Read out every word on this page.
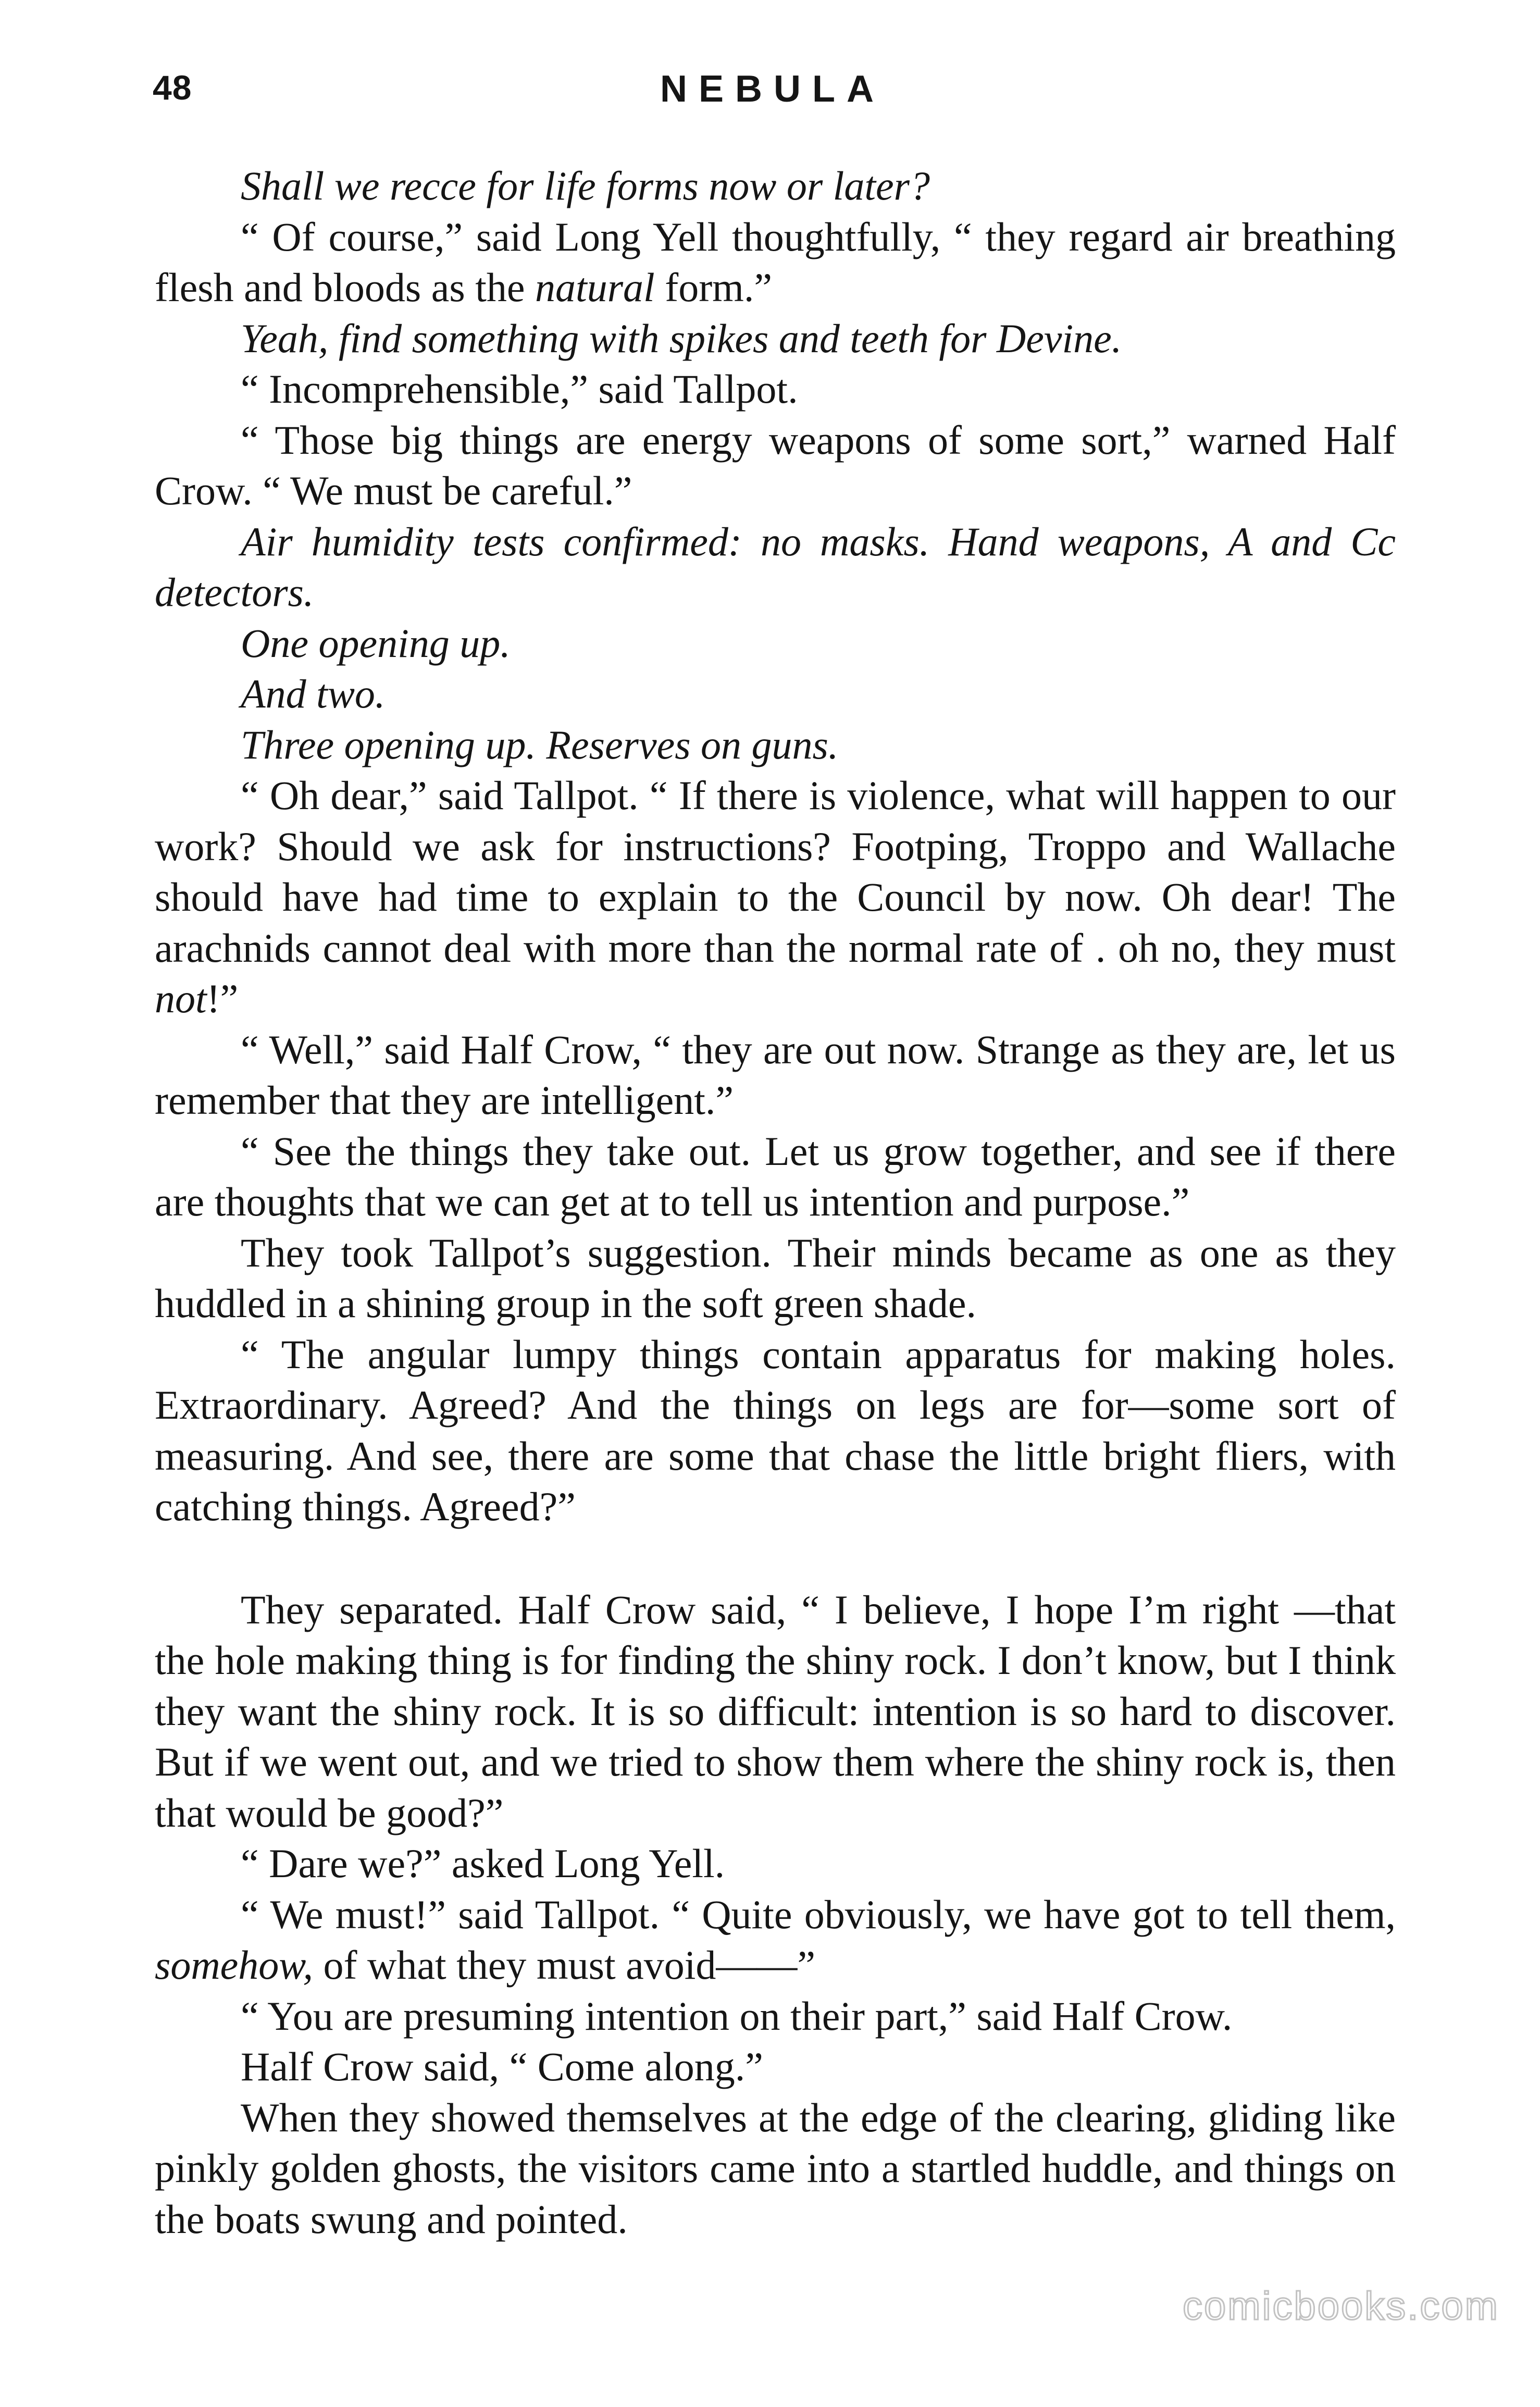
48	NEBULA

Shall we recce for life forms now or later?

“ Of course,” said Long Yell thoughtfully, “ they regard air breathing flesh and bloods as the natural form.”

Yeah, find something with spikes and teeth for Devine.

“ Incomprehensible,” said Tallpot.

“ Those big things are energy weapons of some sort,” warned Half Crow. “ We must be careful.”

Air humidity tests confirmed: no masks. Hand weapons, A and Cc detectors.

One opening up.

And two.

Three opening up. Reserves on guns.

“ Oh dear,” said Tallpot. “ If there is violence, what will happen to our work? Should we ask for instructions? Footping, Troppo and Wallache should have had time to explain to the Council by now. Oh dear! The arachnids cannot deal with more than the normal rate of . oh no, they must not!”

“ Well,” said Half Crow, “ they are out now. Strange as they are, let us remember that they are intelligent.”

“ See the things they take out. Let us grow together, and see if there are thoughts that we can get at to tell us intention and purpose.”

They took Tallpot’s suggestion. Their minds became as one as they huddled in a shining group in the soft green shade.

“ The angular lumpy things contain apparatus for making holes. Extraordinary. Agreed? And the things on legs are for—some sort of measuring. And see, there are some that chase the little bright fliers, with catching things. Agreed?”

They separated. Half Crow said, “ I believe, I hope I’m right —that the hole making thing is for finding the shiny rock. I don’t know, but I think they want the shiny rock. It is so difficult: intention is so hard to discover. But if we went out, and we tried to show them where the shiny rock is, then that would be good?”

“ Dare we?” asked Long Yell.

“ We must!” said Tallpot. “ Quite obviously, we have got to tell them, somehow, of what they must avoid——”

“ You are presuming intention on their part,” said Half Crow.

Half Crow said, “ Come along.”

When they showed themselves at the edge of the clearing, gliding like pinkly golden ghosts, the visitors came into a startled huddle, and things on the boats swung and pointed.

comicbooks.com
